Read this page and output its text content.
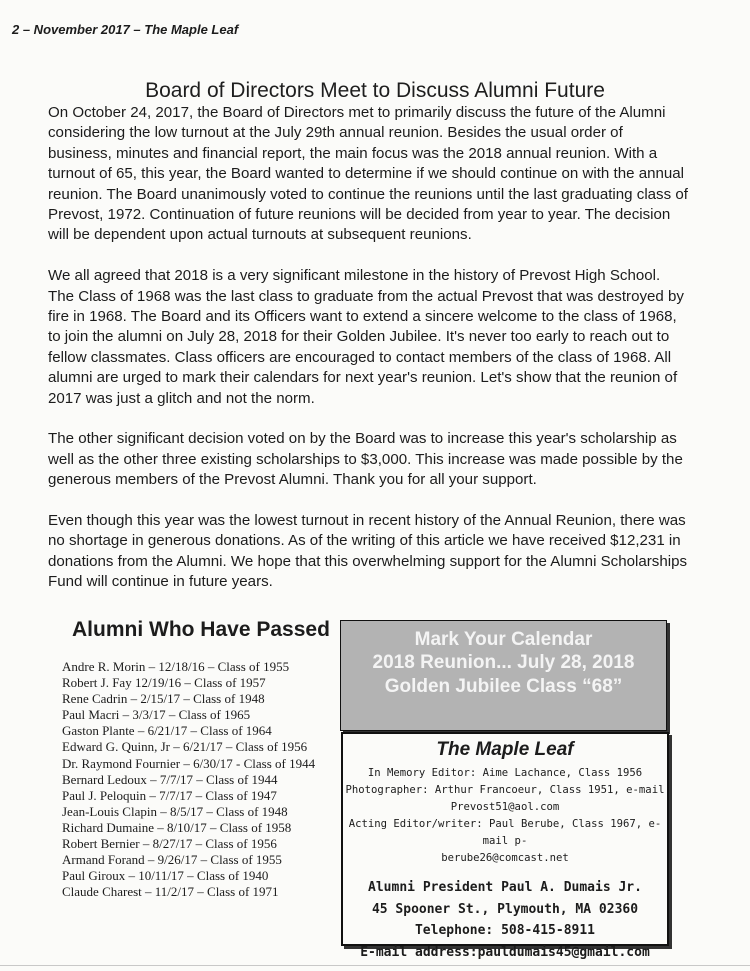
2 – November 2017 – The Maple Leaf
Board of Directors Meet to Discuss Alumni Future

On October 24, 2017, the Board of Directors met to primarily discuss the future of the Alumni considering the low turnout at the July 29th annual reunion. Besides the usual order of business, minutes and financial report, the main focus was the 2018 annual reunion. With a turnout of 65, this year, the Board wanted to determine if we should continue on with the annual reunion. The Board unanimously voted to continue the reunions until the last graduating class of Prevost, 1972. Continuation of future reunions will be decided from year to year. The decision will be dependent upon actual turnouts at subsequent reunions.

We all agreed that 2018 is a very significant milestone in the history of Prevost High School. The Class of 1968 was the last class to graduate from the actual Prevost that was destroyed by fire in 1968. The Board and its Officers want to extend a sincere welcome to the class of 1968, to join the alumni on July 28, 2018 for their Golden Jubilee. It's never too early to reach out to fellow classmates. Class officers are encouraged to contact members of the class of 1968. All alumni are urged to mark their calendars for next year's reunion. Let's show that the reunion of 2017 was just a glitch and not the norm.

The other significant decision voted on by the Board was to increase this year's scholarship as well as the other three existing scholarships to $3,000. This increase was made possible by the generous members of the Prevost Alumni. Thank you for all your support.

Even though this year was the lowest turnout in recent history of the Annual Reunion, there was no shortage in generous donations. As of the writing of this article we have received $12,231 in donations from the Alumni. We hope that this overwhelming support for the Alumni Scholarships Fund will continue in future years.

Alumni Who Have Passed
Andre R. Morin – 12/18/16 – Class of 1955
Robert J. Fay 12/19/16 – Class of 1957
Rene Cadrin – 2/15/17 – Class of 1948
Paul Macri – 3/3/17 – Class of 1965
Gaston Plante – 6/21/17 – Class of 1964
Edward G. Quinn, Jr – 6/21/17 – Class of 1956
Dr. Raymond Fournier – 6/30/17 - Class of 1944
Bernard Ledoux – 7/7/17 – Class of 1944
Paul J. Peloquin – 7/7/17 – Class of 1947
Jean-Louis Clapin – 8/5/17 – Class of 1948
Richard Dumaine – 8/10/17 – Class of 1958
Robert Bernier – 8/27/17 – Class of 1956
Armand Forand – 9/26/17 – Class of 1955
Paul Giroux – 10/11/17 – Class of 1940
Claude Charest – 11/2/17 – Class of 1971
Mark Your Calendar
2018 Reunion... July 28, 2018
Golden Jubilee Class “68”
The Maple Leaf
In Memory Editor: Aime Lachance, Class 1956
Photographer: Arthur Francoeur, Class 1951, e-mail
Prevost51@aol.com
Acting Editor/writer: Paul Berube, Class 1967, e-mail p-
berube26@comcast.net
Alumni President Paul A. Dumais Jr.
45 Spooner St., Plymouth, MA 02360
Telephone: 508-415-8911
E-mail address:pauldumais45@gmail.com
